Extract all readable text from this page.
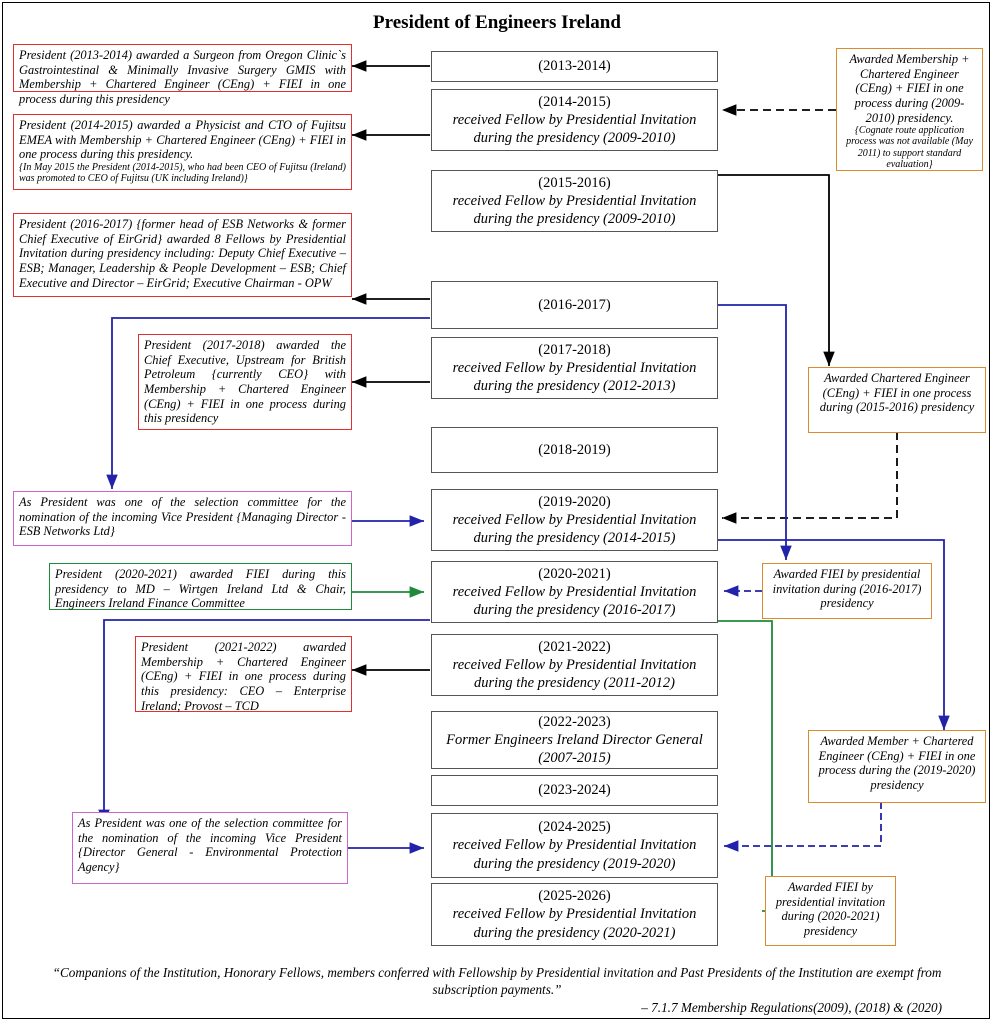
President of Engineers Ireland
(2013-2014)
(2014-2015)
received Fellow by Presidential Invitation during the presidency (2009-2010)
(2015-2016)
received Fellow by Presidential Invitation during the presidency (2009-2010)
(2016-2017)
(2017-2018)
received Fellow by Presidential Invitation during the presidency (2012-2013)
(2018-2019)
(2019-2020)
received Fellow by Presidential Invitation during the presidency (2014-2015)
(2020-2021)
received Fellow by Presidential Invitation during the presidency (2016-2017)
(2021-2022)
received Fellow by Presidential Invitation during the presidency (2011-2012)
(2022-2023)
Former Engineers Ireland Director General (2007-2015)
(2023-2024)
(2024-2025)
received Fellow by Presidential Invitation during the presidency (2019-2020)
(2025-2026)
received Fellow by Presidential Invitation during the presidency (2020-2021)
President (2013-2014) awarded a Surgeon from Oregon Clinic`s Gastrointestinal & Minimally Invasive Surgery GMIS with Membership + Chartered Engineer (CEng) + FIEI in one process during this presidency
President (2014-2015) awarded a Physicist and CTO of Fujitsu EMEA with Membership + Chartered Engineer (CEng) + FIEI in one process during this presidency.
{In May 2015 the President (2014-2015), who had been CEO of Fujitsu (Ireland) was promoted to CEO of Fujitsu (UK including Ireland)}
President (2016-2017) {former head of ESB Networks & former Chief Executive of EirGrid} awarded 8 Fellows by Presidential Invitation during presidency including: Deputy Chief Executive – ESB; Manager, Leadership & People Development – ESB; Chief Executive and Director – EirGrid; Executive Chairman - OPW
President (2017-2018) awarded the Chief Executive, Upstream for British Petroleum {currently CEO} with Membership + Chartered Engineer (CEng) + FIEI in one process during this presidency
As President was one of the selection committee for the nomination of the incoming Vice President {Managing Director - ESB Networks Ltd}
President (2020-2021) awarded FIEI during this presidency to MD – Wirtgen Ireland Ltd & Chair, Engineers Ireland Finance Committee
President (2021-2022) awarded Membership + Chartered Engineer (CEng) + FIEI in one process during this presidency: CEO – Enterprise Ireland; Provost – TCD
As President was one of the selection committee for the nomination of the incoming Vice President {Director General - Environmental Protection Agency}
Awarded Membership + Chartered Engineer (CEng) + FIEI in one process during (2009-2010) presidency.
{Cognate route application process was not available (May 2011) to support standard evaluation}
Awarded Chartered Engineer (CEng) + FIEI in one process during (2015-2016) presidency
Awarded FIEI by presidential invitation during (2016-2017) presidency
Awarded Member + Chartered Engineer (CEng) + FIEI in one process during the (2019-2020) presidency
Awarded FIEI by presidential invitation during (2020-2021) presidency
“Companions of the Institution, Honorary Fellows, members conferred with Fellowship by Presidential invitation and Past Presidents of the Institution are exempt from subscription payments.”
– 7.1.7 Membership Regulations(2009), (2018) & (2020)
